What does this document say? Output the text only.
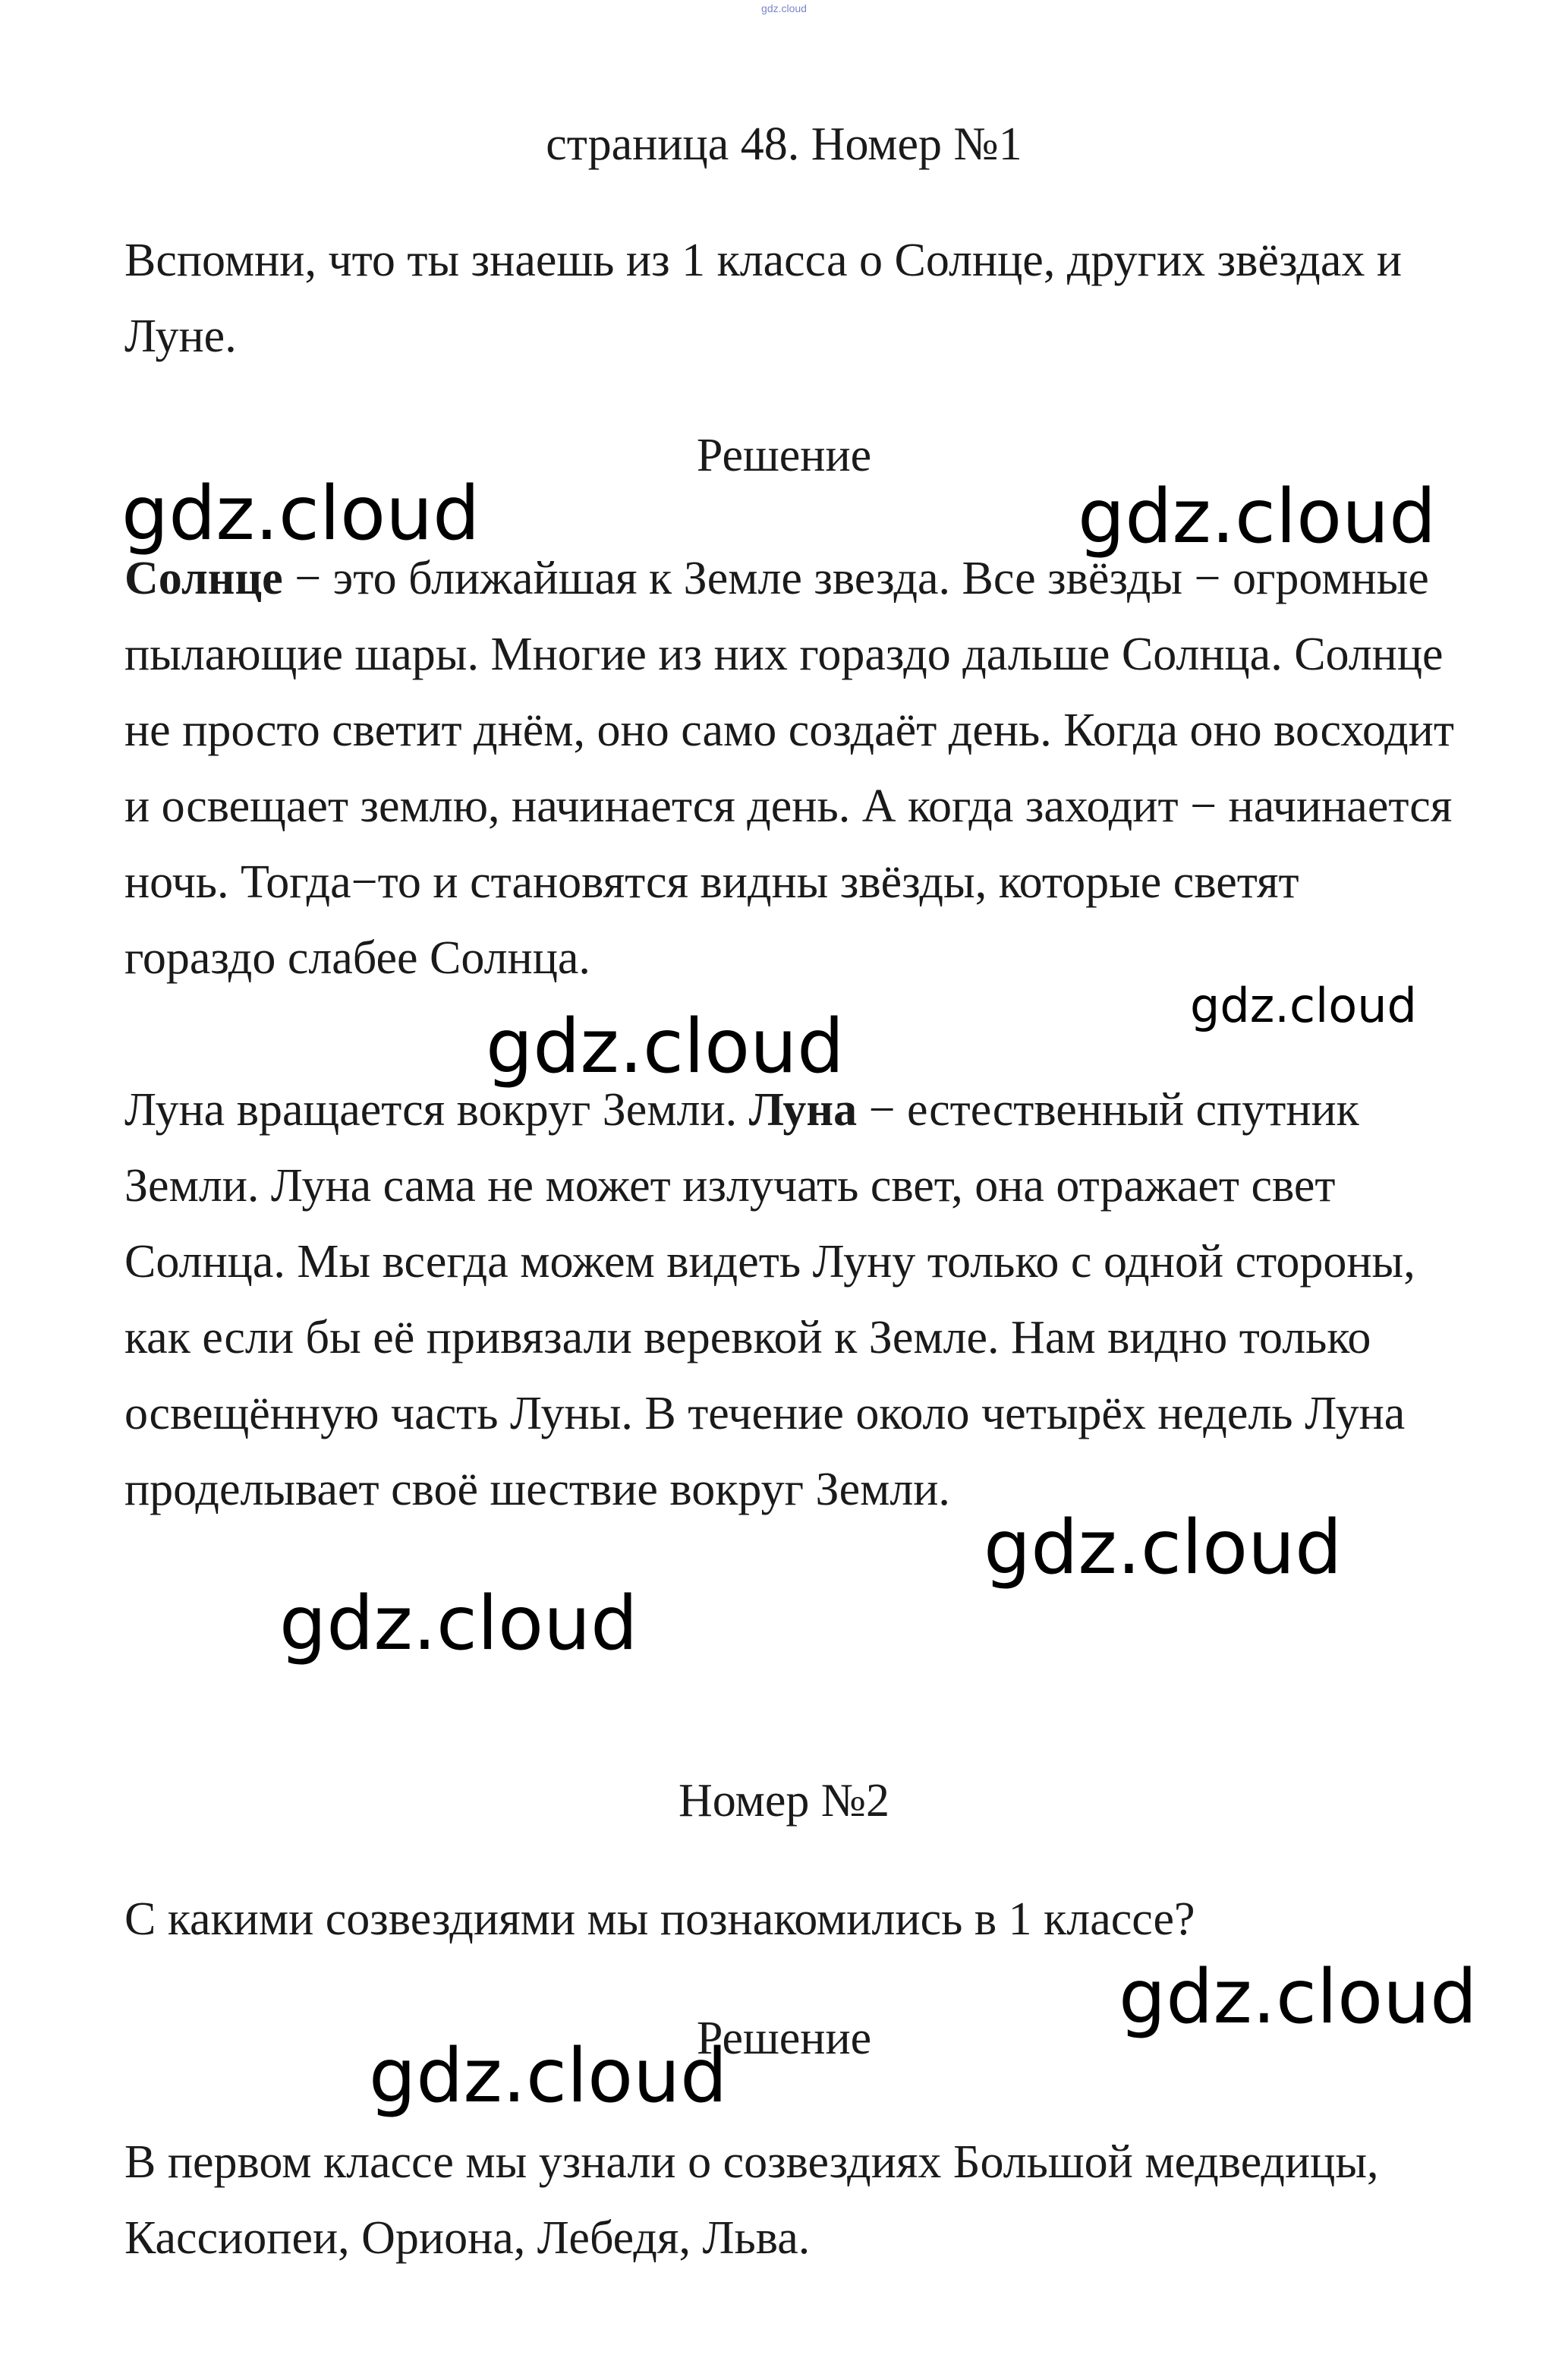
gdz.cloud
страница 48. Номер №1

Вспомни, что ты знаешь из 1 класса о Солнце, других звёздах и Луне.

Решение

Солнце − это ближайшая к Земле звезда. Все звёзды − огромные пылающие шары. Многие из них гораздо дальше Солнца. Солнце не просто светит днём, оно само создаёт день. Когда оно восходит и освещает землю, начинается день. А когда заходит − начинается ночь. Тогда−то и становятся видны звёзды, которые светят гораздо слабее Солнца.

Луна вращается вокруг Земли. Луна − естественный спутник Земли. Луна сама не может излучать свет, она отражает свет Солнца. Мы всегда можем видеть Луну только с одной стороны, как если бы её привязали веревкой к Земле. Нам видно только освещённую часть Луны. В течение около четырёх недель Луна проделывает своё шествие вокруг Земли.

Номер №2

С какими созвездиями мы познакомились в 1 классе?

Решение

В первом классе мы узнали о созвездиях Большой медведицы, Кассиопеи, Ориона, Лебедя, Льва.

gdz.cloud	gdz.cloud
gdz.cloud
gdz.cloud
gdz.cloud
gdz.cloud
gdz.cloud
gdz.cloud
